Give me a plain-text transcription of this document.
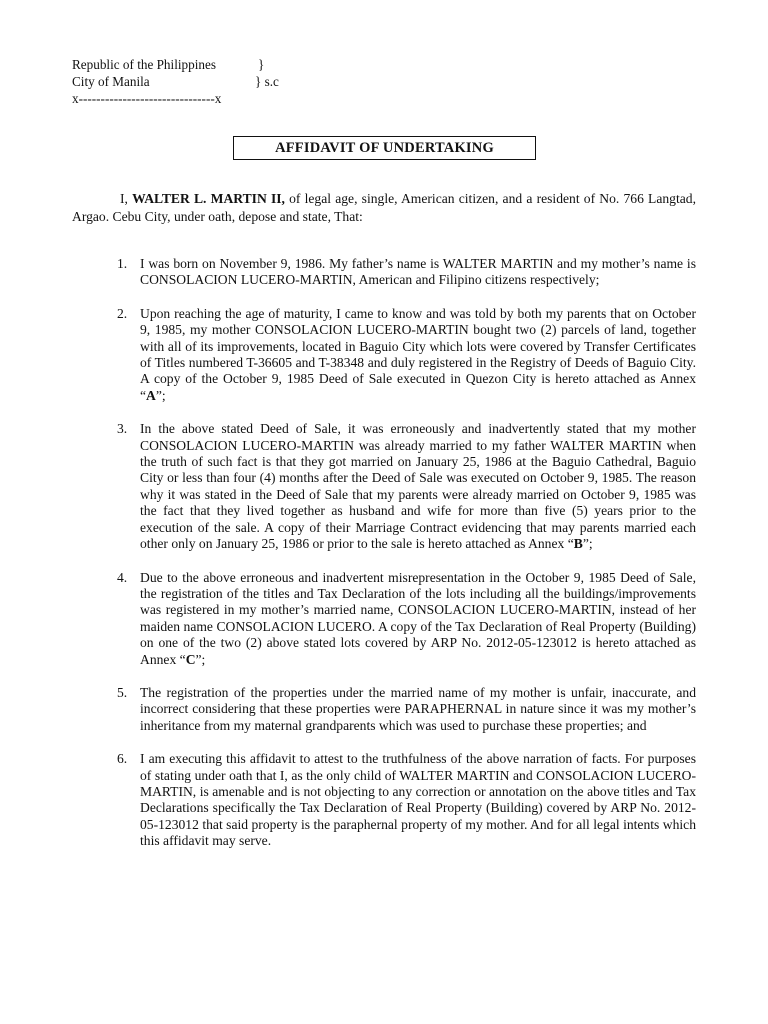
Republic of the Philippines	}
City of Manila	} s.c
x-------------------------------x
AFFIDAVIT OF UNDERTAKING
I, WALTER L. MARTIN II, of legal age, single, American citizen, and a resident of No. 766 Langtad, Argao. Cebu City, under oath, depose and state, That:
1. I was born on November 9, 1986. My father’s name is WALTER MARTIN and my mother’s name is CONSOLACION LUCERO-MARTIN, American and Filipino citizens respectively;
2. Upon reaching the age of maturity, I came to know and was told by both my parents that on October 9, 1985, my mother CONSOLACION LUCERO-MARTIN bought two (2) parcels of land, together with all of its improvements, located in Baguio City which lots were covered by Transfer Certificates of Titles numbered T-36605 and T-38348 and duly registered in the Registry of Deeds of Baguio City. A copy of the October 9, 1985 Deed of Sale executed in Quezon City is hereto attached as Annex “A”;
3. In the above stated Deed of Sale, it was erroneously and inadvertently stated that my mother CONSOLACION LUCERO-MARTIN was already married to my father WALTER MARTIN when the truth of such fact is that they got married on January 25, 1986 at the Baguio Cathedral, Baguio City or less than four (4) months after the Deed of Sale was executed on October 9, 1985. The reason why it was stated in the Deed of Sale that my parents were already married on October 9, 1985 was the fact that they lived together as husband and wife for more than five (5) years prior to the execution of the sale. A copy of their Marriage Contract evidencing that may parents married each other only on January 25, 1986 or prior to the sale is hereto attached as Annex “B”;
4. Due to the above erroneous and inadvertent misrepresentation in the October 9, 1985 Deed of Sale, the registration of the titles and Tax Declaration of the lots including all the buildings/improvements was registered in my mother’s married name, CONSOLACION LUCERO-MARTIN, instead of her maiden name CONSOLACION LUCERO. A copy of the Tax Declaration of Real Property (Building) on one of the two (2) above stated lots covered by ARP No. 2012-05-123012 is hereto attached as Annex “C”;
5. The registration of the properties under the married name of my mother is unfair, inaccurate, and incorrect considering that these properties were PARAPHERNAL in nature since it was my mother’s inheritance from my maternal grandparents which was used to purchase these properties; and
6. I am executing this affidavit to attest to the truthfulness of the above narration of facts. For purposes of stating under oath that I, as the only child of WALTER MARTIN and CONSOLACION LUCERO-MARTIN, is amenable and is not objecting to any correction or annotation on the above titles and Tax Declarations specifically the Tax Declaration of Real Property (Building) covered by ARP No. 2012-05-123012 that said property is the paraphernal property of my mother. And for all legal intents which this affidavit may serve.
